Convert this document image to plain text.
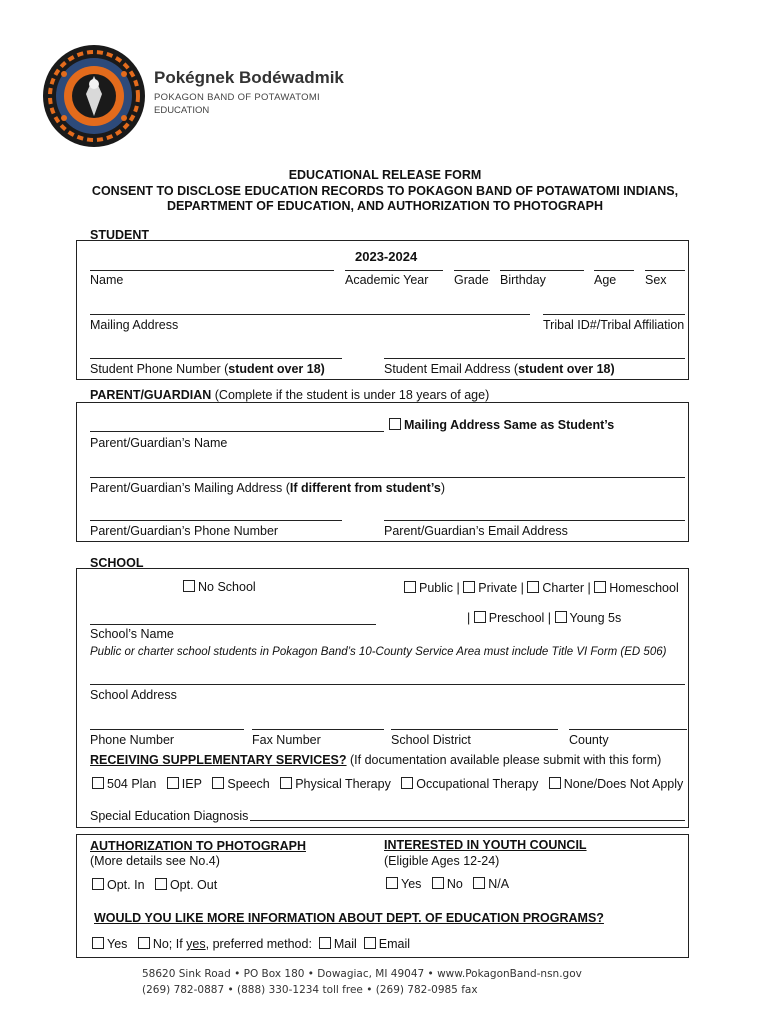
Pokégnek Bodéwadmik
POKAGON BAND OF POTAWATOMI
EDUCATION
EDUCATIONAL RELEASE FORM
CONSENT TO DISCLOSE EDUCATION RECORDS TO POKAGON BAND OF POTAWATOMI INDIANS,
DEPARTMENT OF EDUCATION, AND AUTHORIZATION TO PHOTOGRAPH
STUDENT
2023-2024
Name	Academic Year Grade Birthday	Age Sex
Mailing Address	Tribal ID#/Tribal Affiliation
Student Phone Number (student over 18)	Student Email Address (student over 18)
PARENT/GUARDIAN (Complete if the student is under 18 years of age)
Mailing Address Same as Student’s
Parent/Guardian’s Name
Parent/Guardian’s Mailing Address (If different from student’s)
Parent/Guardian’s Phone Number	Parent/Guardian’s Email Address
SCHOOL
No School	Public | Private | Charter | Homeschool
| Preschool | Young 5s
School’s Name
Public or charter school students in Pokagon Band’s 10-County Service Area must include Title VI Form (ED 506)
School Address
Phone Number	Fax Number	School District	County
RECEIVING SUPPLEMENTARY SERVICES? (If documentation available please submit with this form)
504 Plan IEP Speech Physical Therapy Occupational Therapy None/Does Not Apply
Special Education Diagnosis
AUTHORIZATION TO PHOTOGRAPH
(More details see No.4)
Opt. In Opt. Out
INTERESTED IN YOUTH COUNCIL
(Eligible Ages 12-24)
Yes No N/A
WOULD YOU LIKE MORE INFORMATION ABOUT DEPT. OF EDUCATION PROGRAMS?
Yes No; If yes, preferred method: Mail Email
58620 Sink Road • PO Box 180 • Dowagiac, MI 49047 • www.PokagonBand-nsn.gov
(269) 782-0887 • (888) 330-1234 toll free • (269) 782-0985 fax
